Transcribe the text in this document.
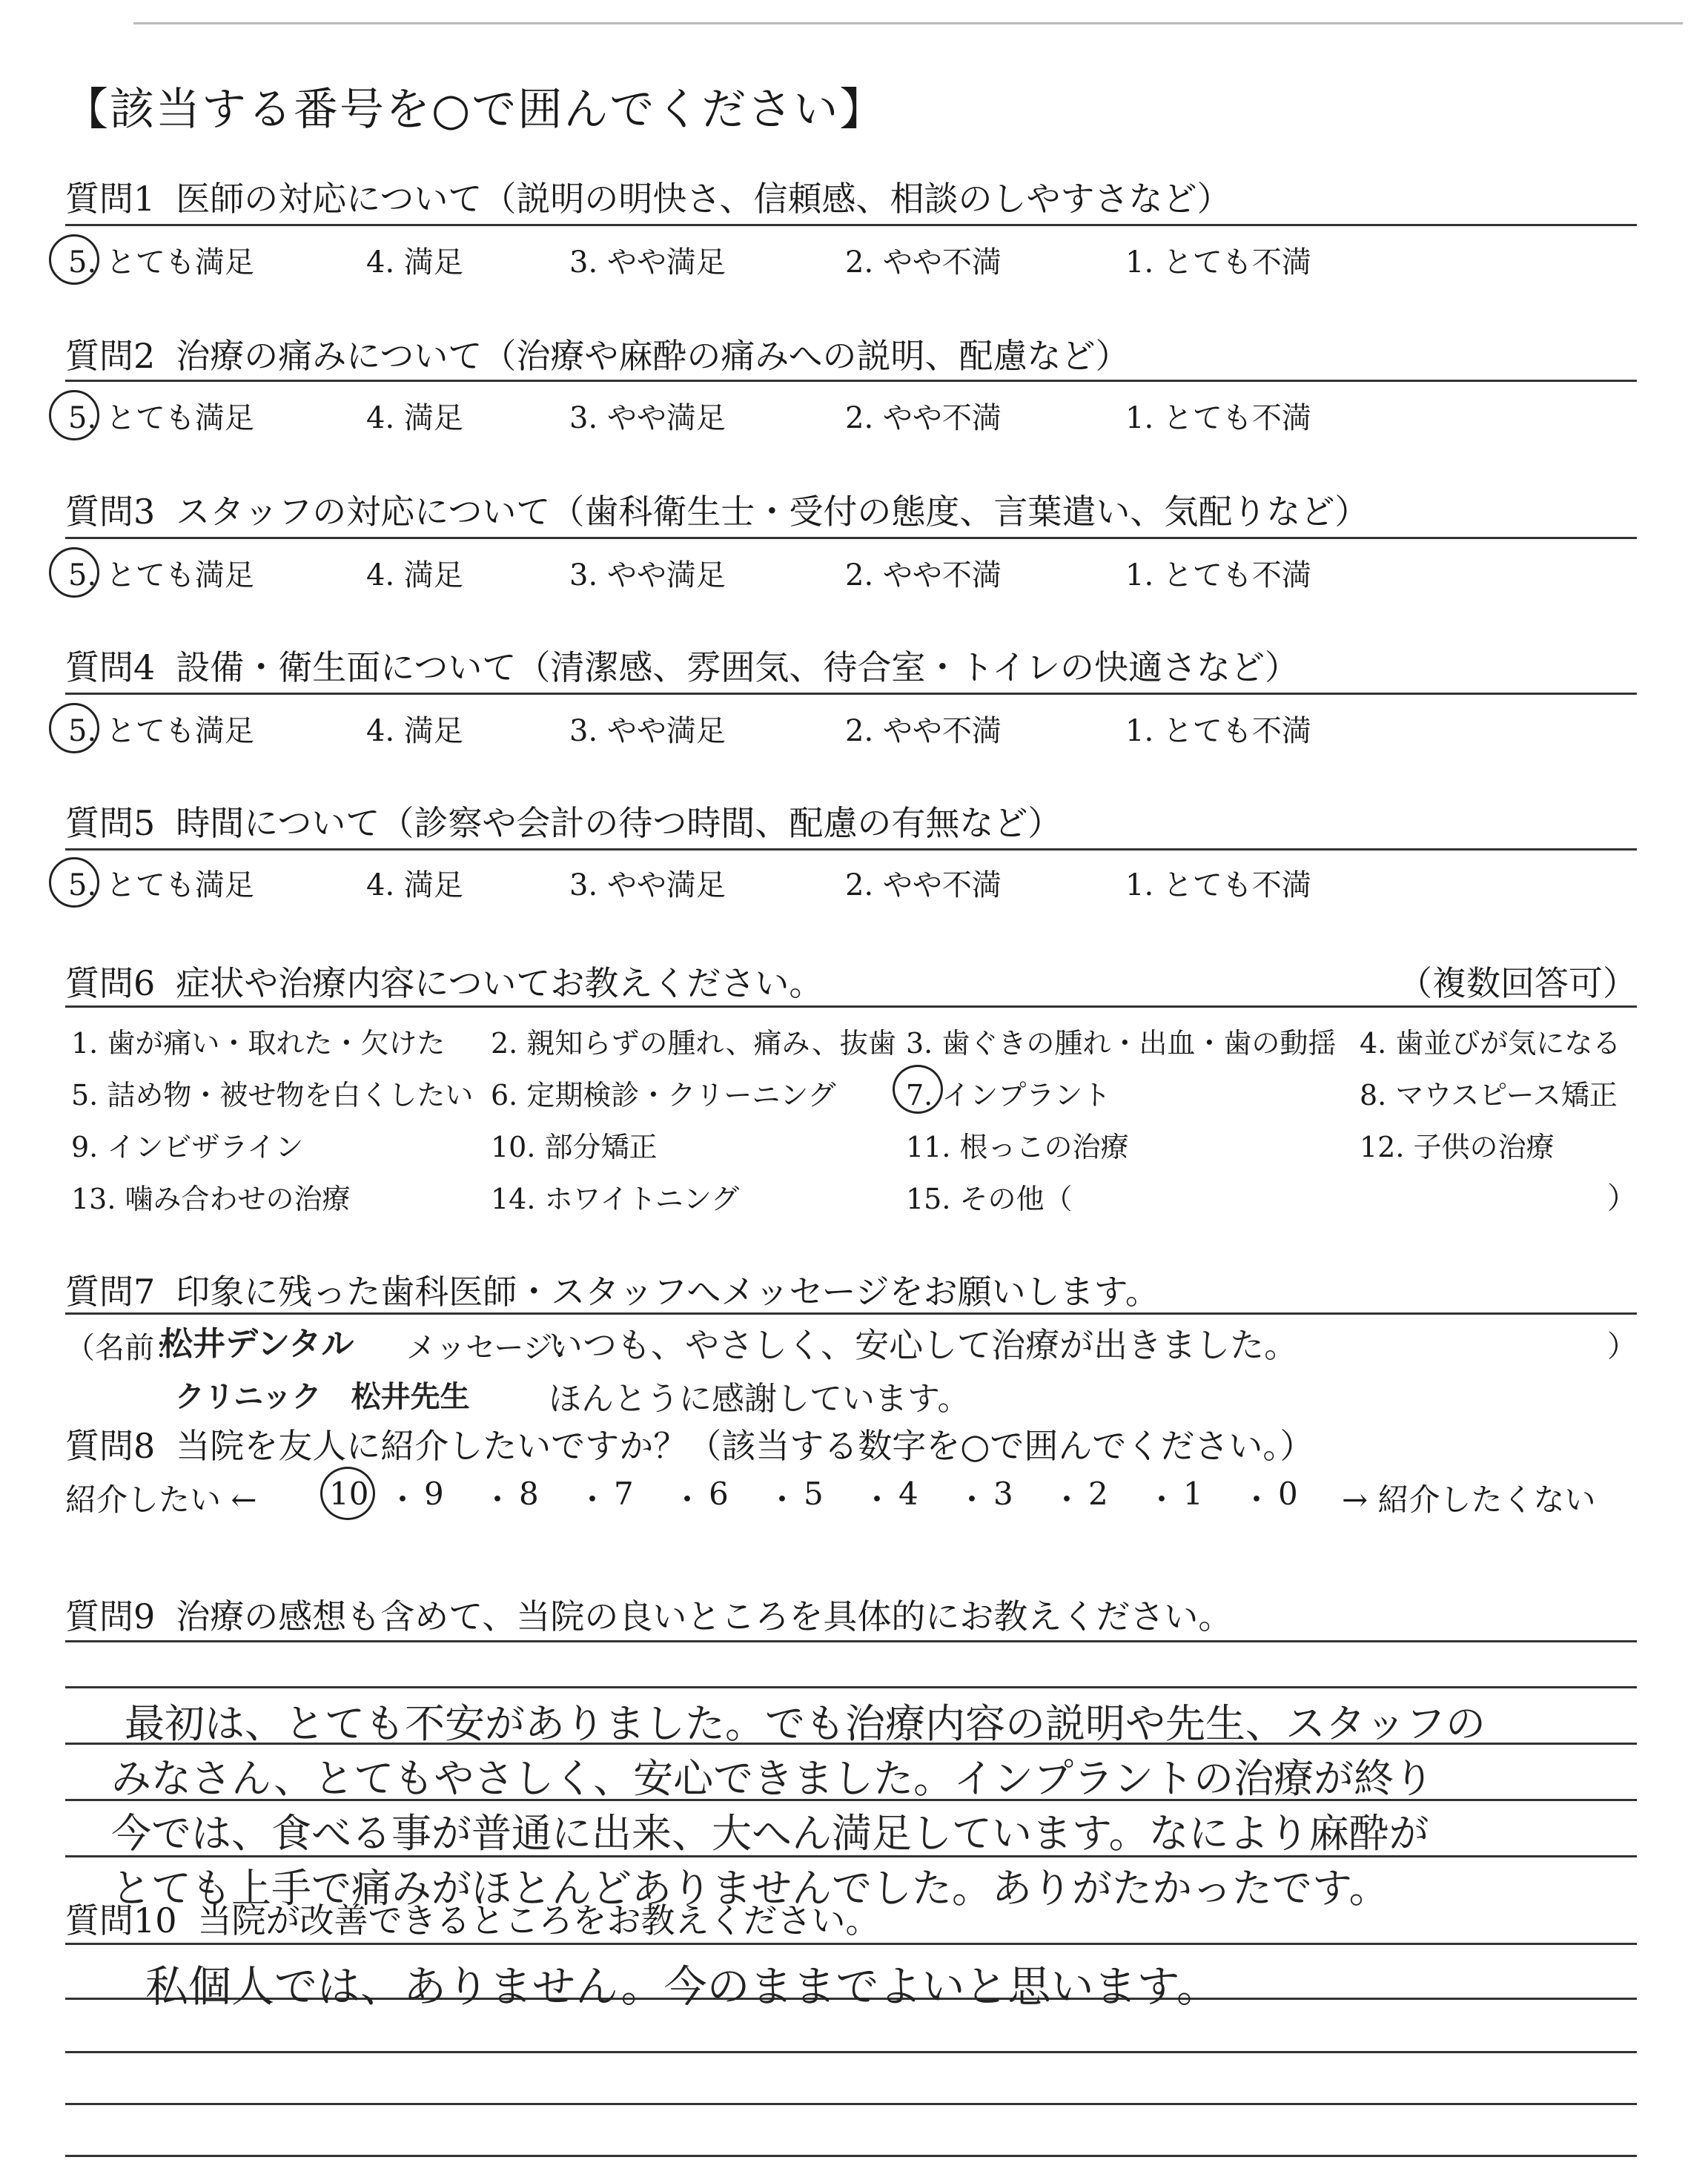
【該当する番号を○で囲んでください】
質問1 医師の対応について（説明の明快さ、信頼感、相談のしやすさなど）
5. とても満足	4. 満足	3. やや満足	2. やや不満	1. とても不満
質問2 治療の痛みについて（治療や麻酔の痛みへの説明、配慮など）
5. とても満足	4. 満足	3. やや満足	2. やや不満	1. とても不満
質問3 スタッフの対応について（歯科衛生士・受付の態度、言葉遣い、気配りなど）
5. とても満足	4. 満足	3. やや満足	2. やや不満	1. とても不満
質問4 設備・衛生面について（清潔感、雰囲気、待合室・トイレの快適さなど）
5. とても満足	4. 満足	3. やや満足	2. やや不満	1. とても不満
質問5 時間について（診察や会計の待つ時間、配慮の有無など）
5. とても満足	4. 満足	3. やや満足	2. やや不満	1. とても不満
質問6 症状や治療内容についてお教えください。	（複数回答可）
1. 歯が痛い・取れた・欠けた 2. 親知らずの腫れ、痛み、抜歯 3. 歯ぐきの腫れ・出血・歯の動揺 4. 歯並びが気になる
5. 詰め物・被せ物を白くしたい 6. 定期検診・クリーニング 7. インプラント	8. マウスピース矯正
9. インビザライン	10. 部分矯正	11. 根っこの治療	12. 子供の治療
13. 噛み合わせの治療	14. ホワイトニング	15. その他（	）
質問7 印象に残った歯科医師・スタッフへメッセージをお願いします。
（名前：	メッセージ：	）
松井デンタル
クリニック　松井先生
いつも、やさしく、安心して治療が出きました。
ほんとうに感謝しています。
質問8 当院を友人に紹介したいですか？（該当する数字を○で囲んでください。）
紹介したい ← 10 ・ 9 ・ 8 ・ 7 ・ 6 ・ 5 ・ 4 ・ 3 ・ 2 ・ 1 ・ 0 → 紹介したくない
質問9 治療の感想も含めて、当院の良いところを具体的にお教えください。
最初は、とても不安がありました。でも治療内容の説明や先生、スタッフの
みなさん、とてもやさしく、安心できました。インプラントの治療が終り
今では、食べる事が普通に出来、大へん満足しています。なにより麻酔が
とても上手で痛みがほとんどありませんでした。ありがたかったです。
質問10 当院が改善できるところをお教えください。
私個人では、ありません。今のままでよいと思います。
